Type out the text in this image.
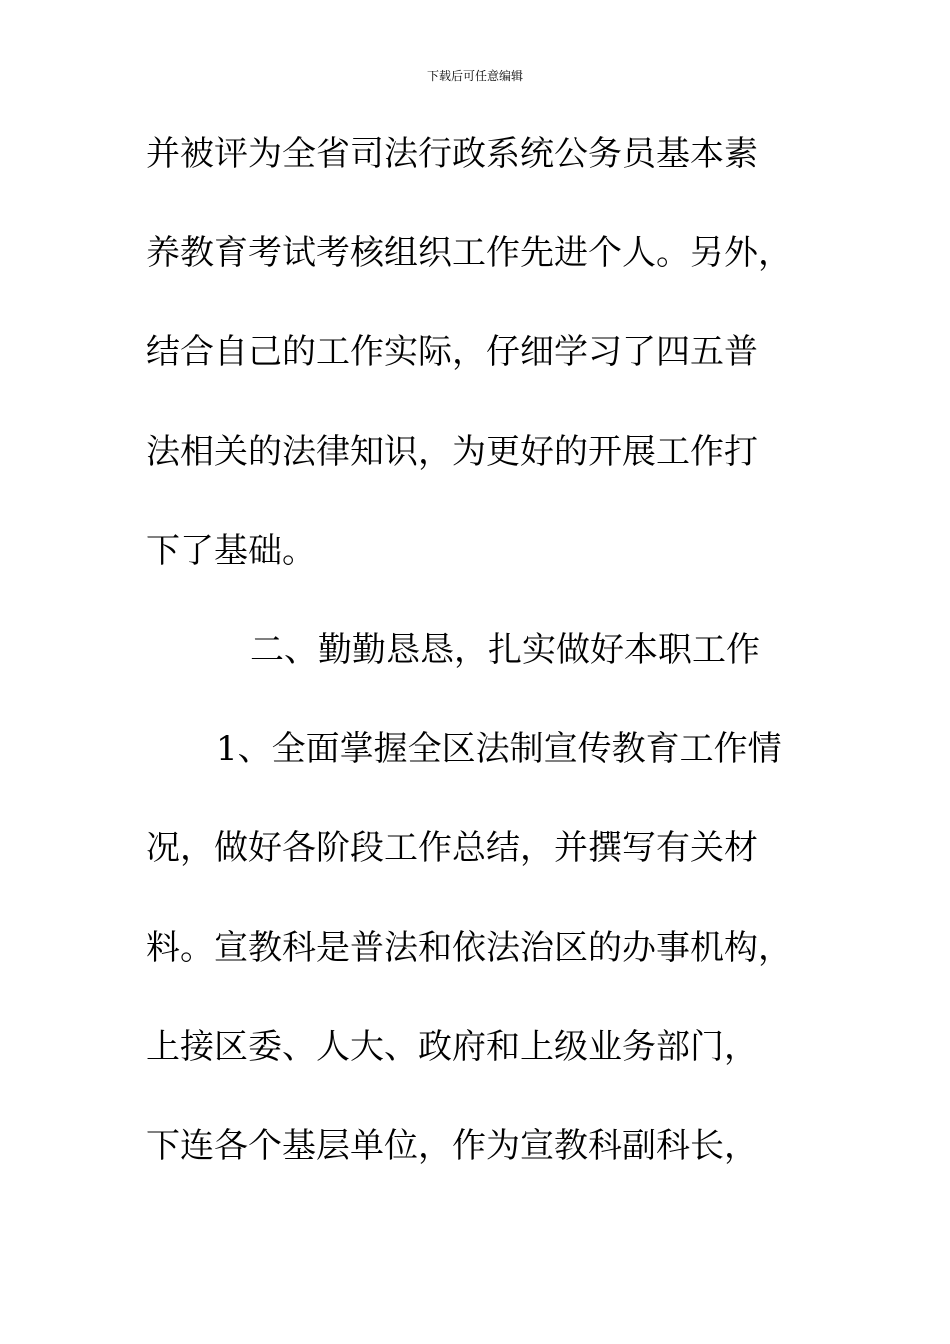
下载后可任意编辑
并被评为全省司法行政系统公务员基本素
养教育考试考核组织工作先进个人。另外，
结合自己的工作实际，仔细学习了四五普
法相关的法律知识，为更好的开展工作打
下了基础。
二、勤勤恳恳，扎实做好本职工作
1、全面掌握全区法制宣传教育工作情
况，做好各阶段工作总结，并撰写有关材
料。宣教科是普法和依法治区的办事机构，
上接区委、人大、政府和上级业务部门，
下连各个基层单位，作为宣教科副科长，
